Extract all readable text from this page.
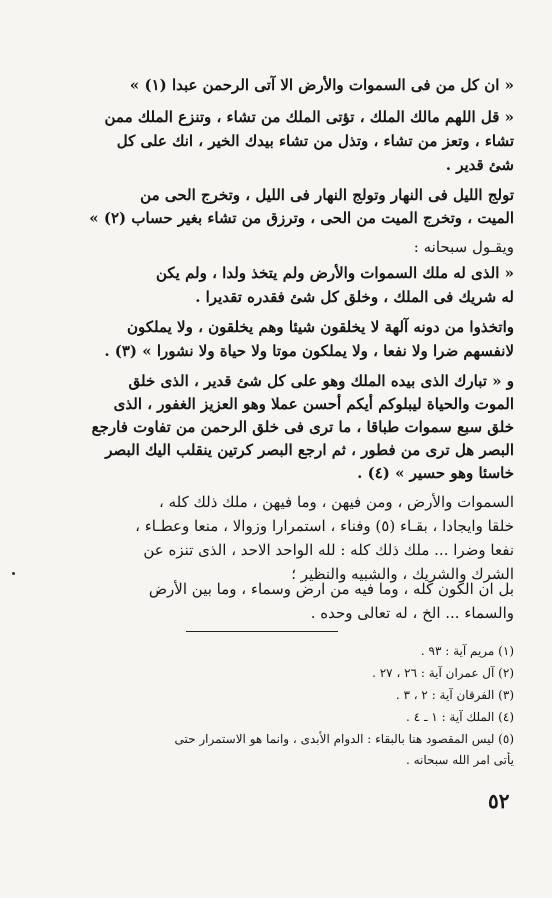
« ان كل من فى السموات والأرض الا آتى الرحمن عبدا (١) »
« قل اللهم مالك الملك ، تؤتى الملك من تشاء ، وتنزع الملك ممن
تشاء ، وتعز من تشاء ، وتذل من تشاء بيدك الخير ، انك على كل
شئ قدير .
تولج الليل فى النهار وتولج النهار فى الليل ، وتخرج الحى من
الميت ، وتخرج الميت من الحى ، وترزق من تشاء بغير حساب (٢) »
ويقـول سبحانه :
« الذى له ملك السموات والأرض ولم يتخذ ولدا ، ولم يكن
له شريك فى الملك ، وخلق كل شئ فقدره تقديرا .
واتخذوا من دونه آلهة لا يخلقون شيئا وهم يخلقون ، ولا يملكون
لانفسهم ضرا ولا نفعا ، ولا يملكون موتا ولا حياة ولا نشورا » (٣) .
و « تبارك الذى بيده الملك وهو على كل شئ قدير ، الذى خلق
الموت والحياة ليبلوكم أيكم أحسن عملا وهو العزيز الغفور ، الذى
خلق سبع سموات طباقا ، ما ترى فى خلق الرحمن من تفاوت فارجع
البصر هل ترى من فطور ، ثم ارجع البصر كرتين ينقلب اليك البصر
خاسئا وهو حسير » (٤) .
السموات والأرض ، ومن فيهن ، وما فيهن ، ملك ذلك كله ،
خلقا وايجادا ، بقـاء (٥) وفناء ، استمرارا وزوالا ، منعا وعطـاء ،
نفعا وضرا ... ملك ذلك كله : لله الواحد الاحد ، الذى تنزه عن
الشرك والشريك ، والشبيه والنظير ؛
بل ان الكون كله ، وما فيه من ارض وسماء ، وما بين الأرض
والسماء ... الخ ، له تعالى وحده .
(١) مريم آية : ٩٣ .
(٢) آل عمران آية : ٢٦ ، ٢٧ .
(٣) الفرقان آية : ٢ ، ٣ .
(٤) الملك آية : ١ ـ ٤ .
(٥) ليس المقصود هنا بالبقاء : الدوام الأبدى ، وانما هو الاستمرار حتى
يأتى امر الله سبحانه .
٥٢
